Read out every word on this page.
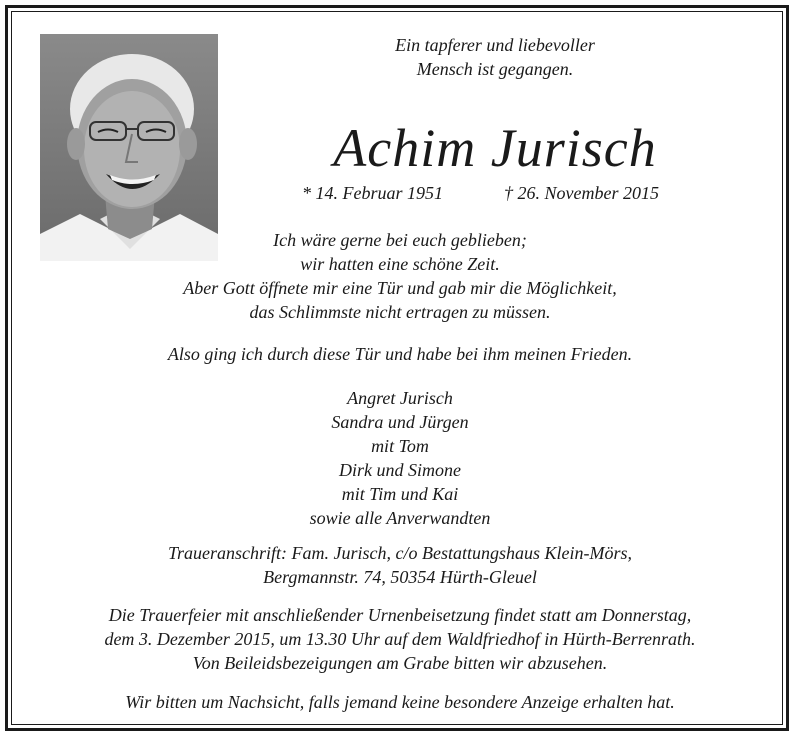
Ein tapferer und liebevoller
Mensch ist gegangen.
Achim Jurisch
* 14. Februar 1951	† 26. November 2015
Ich wäre gerne bei euch geblieben;
wir hatten eine schöne Zeit.
Aber Gott öffnete mir eine Tür und gab mir die Möglichkeit,
das Schlimmste nicht ertragen zu müssen.
Also ging ich durch diese Tür und habe bei ihm meinen Frieden.
Angret Jurisch
Sandra und Jürgen
mit Tom
Dirk und Simone
mit Tim und Kai
sowie alle Anverwandten
Traueranschrift: Fam. Jurisch, c/o Bestattungshaus Klein-Mörs,
Bergmannstr. 74, 50354 Hürth-Gleuel
Die Trauerfeier mit anschließender Urnenbeisetzung findet statt am Donnerstag,
dem 3. Dezember 2015, um 13.30 Uhr auf dem Waldfriedhof in Hürth-Berrenrath.
Von Beileidsbezeigungen am Grabe bitten wir abzusehen.
Wir bitten um Nachsicht, falls jemand keine besondere Anzeige erhalten hat.
